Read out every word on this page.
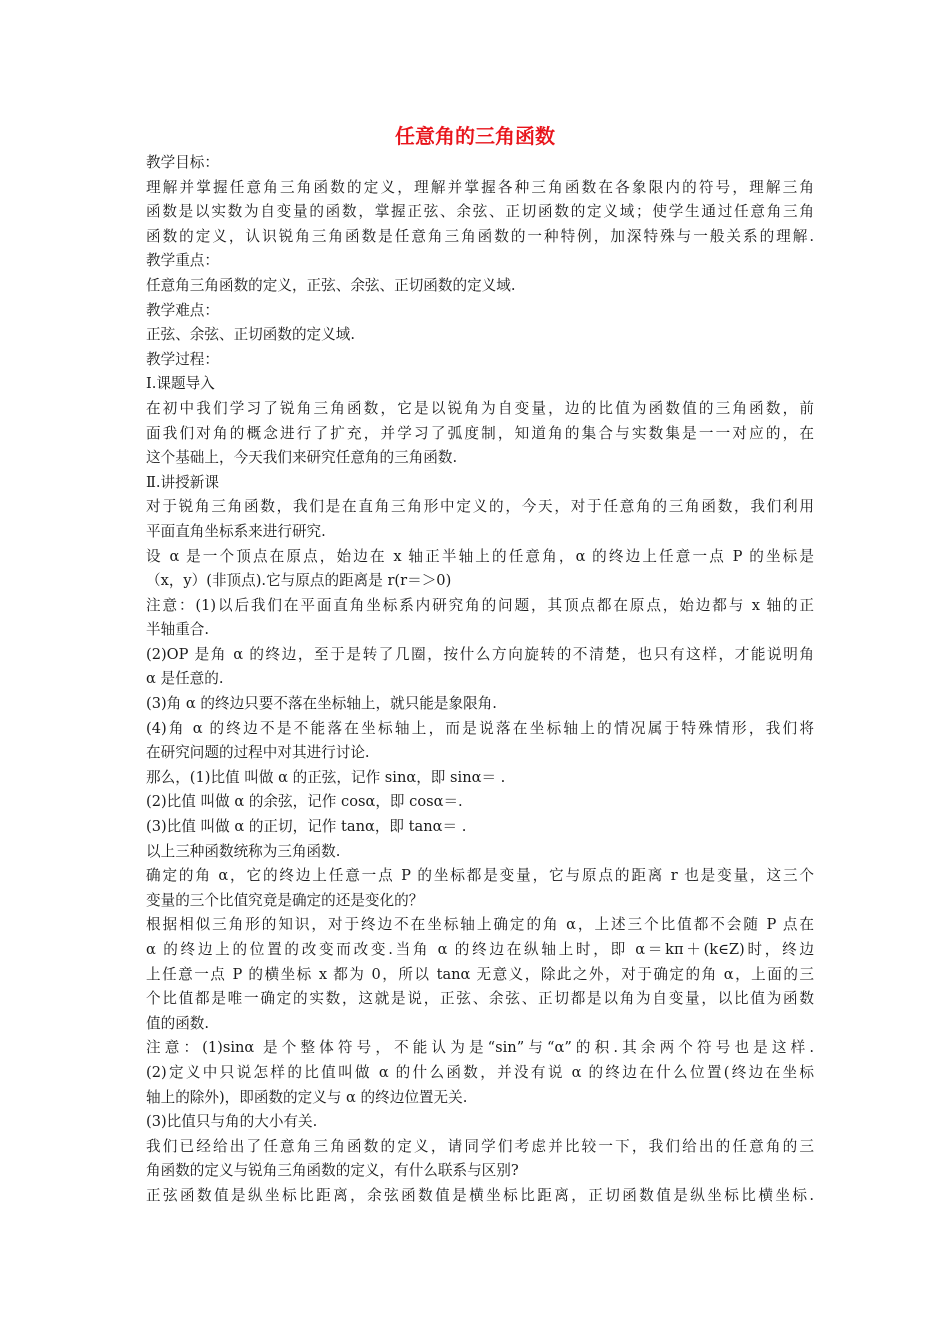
任意角的三角函数
教学目标：
理解并掌握任意角三角函数的定义，理解并掌握各种三角函数在各象限内的符号，理解三角
函数是以实数为自变量的函数，掌握正弦、余弦、正切函数的定义域；使学生通过任意角三角
函数的定义，认识锐角三角函数是任意角三角函数的一种特例，加深特殊与一般关系的理解.
教学重点：
任意角三角函数的定义，正弦、余弦、正切函数的定义域.
教学难点：
正弦、余弦、正切函数的定义域.
教学过程：
Ⅰ.课题导入
在初中我们学习了锐角三角函数，它是以锐角为自变量，边的比值为函数值的三角函数，前
面我们对角的概念进行了扩充，并学习了弧度制，知道角的集合与实数集是一一对应的，在
这个基础上，今天我们来研究任意角的三角函数.
Ⅱ.讲授新课
对于锐角三角函数，我们是在直角三角形中定义的，今天，对于任意角的三角函数，我们利用
平面直角坐标系来进行研究.
设 α 是一个顶点在原点，始边在 x 轴正半轴上的任意角，α 的终边上任意一点 P 的坐标是
（x，y）(非顶点).它与原点的距离是 r(r＝＞0)
注意：(1)以后我们在平面直角坐标系内研究角的问题，其顶点都在原点，始边都与 x 轴的正
半轴重合.
(2)OP 是角 α 的终边，至于是转了几圈，按什么方向旋转的不清楚，也只有这样，才能说明角
α 是任意的.
(3)角 α 的终边只要不落在坐标轴上，就只能是象限角.
(4)角 α 的终边不是不能落在坐标轴上，而是说落在坐标轴上的情况属于特殊情形，我们将
在研究问题的过程中对其进行讨论.
那么，(1)比值 叫做 α 的正弦，记作 sinα，即 sinα＝ .
(2)比值 叫做 α 的余弦，记作 cosα，即 cosα＝.
(3)比值 叫做 α 的正切，记作 tanα，即 tanα＝ .
以上三种函数统称为三角函数.
确定的角 α，它的终边上任意一点 P 的坐标都是变量，它与原点的距离 r 也是变量，这三个
变量的三个比值究竟是确定的还是变化的？
根据相似三角形的知识，对于终边不在坐标轴上确定的角 α，上述三个比值都不会随 P 点在
α 的终边上的位置的改变而改变.当角 α 的终边在纵轴上时，即 α＝kπ＋(k∈Z)时，终边
上任意一点 P 的横坐标 x 都为 0，所以 tanα 无意义，除此之外，对于确定的角 α，上面的三
个比值都是唯一确定的实数，这就是说，正弦、余弦、正切都是以角为自变量，以比值为函数
值的函数.
注意：(1)sinα 是个整体符号，不能认为是“sin”与“α”的积.其余两个符号也是这样.
(2)定义中只说怎样的比值叫做 α 的什么函数，并没有说 α 的终边在什么位置(终边在坐标
轴上的除外)，即函数的定义与 α 的终边位置无关.
(3)比值只与角的大小有关.
我们已经给出了任意角三角函数的定义，请同学们考虑并比较一下，我们给出的任意角的三
角函数的定义与锐角三角函数的定义，有什么联系与区别?
正弦函数值是纵坐标比距离，余弦函数值是横坐标比距离，正切函数值是纵坐标比横坐标.
